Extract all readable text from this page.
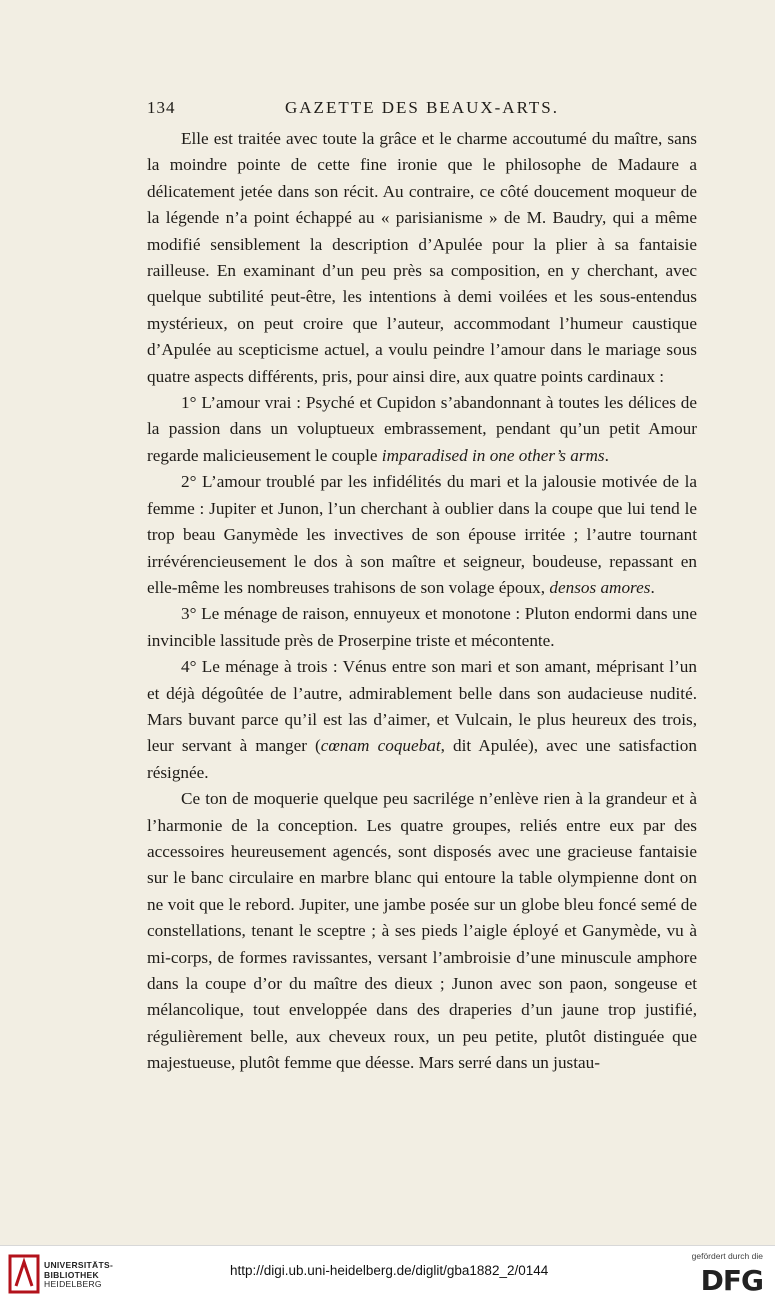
134	GAZETTE DES BEAUX-ARTS.

Elle est traitée avec toute la grâce et le charme accoutumé du maître, sans la moindre pointe de cette fine ironie que le philosophe de Madaure a délicatement jetée dans son récit. Au contraire, ce côté doucement moqueur de la légende n’a point échappé au « parisianisme » de M. Baudry, qui a même modifié sensiblement la description d’Apulée pour la plier à sa fantaisie railleuse. En examinant d’un peu près sa composition, en y cherchant, avec quelque subtilité peut-être, les intentions à demi voilées et les sous-entendus mystérieux, on peut croire que l’auteur, accommodant l’humeur caustique d’Apulée au scepticisme actuel, a voulu peindre l’amour dans le mariage sous quatre aspects différents, pris, pour ainsi dire, aux quatre points cardinaux :

1° L’amour vrai : Psyché et Cupidon s’abandonnant à toutes les délices de la passion dans un voluptueux embrassement, pendant qu’un petit Amour regarde malicieusement le couple imparadised in one other’s arms.

2° L’amour troublé par les infidélités du mari et la jalousie motivée de la femme : Jupiter et Junon, l’un cherchant à oublier dans la coupe que lui tend le trop beau Ganymède les invectives de son épouse irritée ; l’autre tournant irrévérencieusement le dos à son maître et seigneur, boudeuse, repassant en elle-même les nombreuses trahisons de son volage époux, densos amores.

3° Le ménage de raison, ennuyeux et monotone : Pluton endormi dans une invincible lassitude près de Proserpine triste et mécontente.

4° Le ménage à trois : Vénus entre son mari et son amant, méprisant l’un et déjà dégoûtée de l’autre, admirablement belle dans son audacieuse nudité. Mars buvant parce qu’il est las d’aimer, et Vulcain, le plus heureux des trois, leur servant à manger (cœnam coquebat, dit Apulée), avec une satisfaction résignée.

Ce ton de moquerie quelque peu sacrilége n’enlève rien à la grandeur et à l’harmonie de la conception. Les quatre groupes, reliés entre eux par des accessoires heureusement agencés, sont disposés avec une gracieuse fantaisie sur le banc circulaire en marbre blanc qui entoure la table olympienne dont on ne voit que le rebord. Jupiter, une jambe posée sur un globe bleu foncé semé de constellations, tenant le sceptre ; à ses pieds l’aigle éployé et Ganymède, vu à mi-corps, de formes ravissantes, versant l’ambroisie d’une minuscule amphore dans la coupe d’or du maître des dieux ; Junon avec son paon, songeuse et mélancolique, tout enveloppée dans des draperies d’un jaune trop justifié, régulièrement belle, aux cheveux roux, un peu petite, plutôt distinguée que majestueuse, plutôt femme que déesse. Mars serré dans un justau-

UNIVERSITÄTS-
BIBLIOTHEK
HEIDELBERG
http://digi.ub.uni-heidelberg.de/diglit/gba1882_2/0144
gefördert durch die
DFG
